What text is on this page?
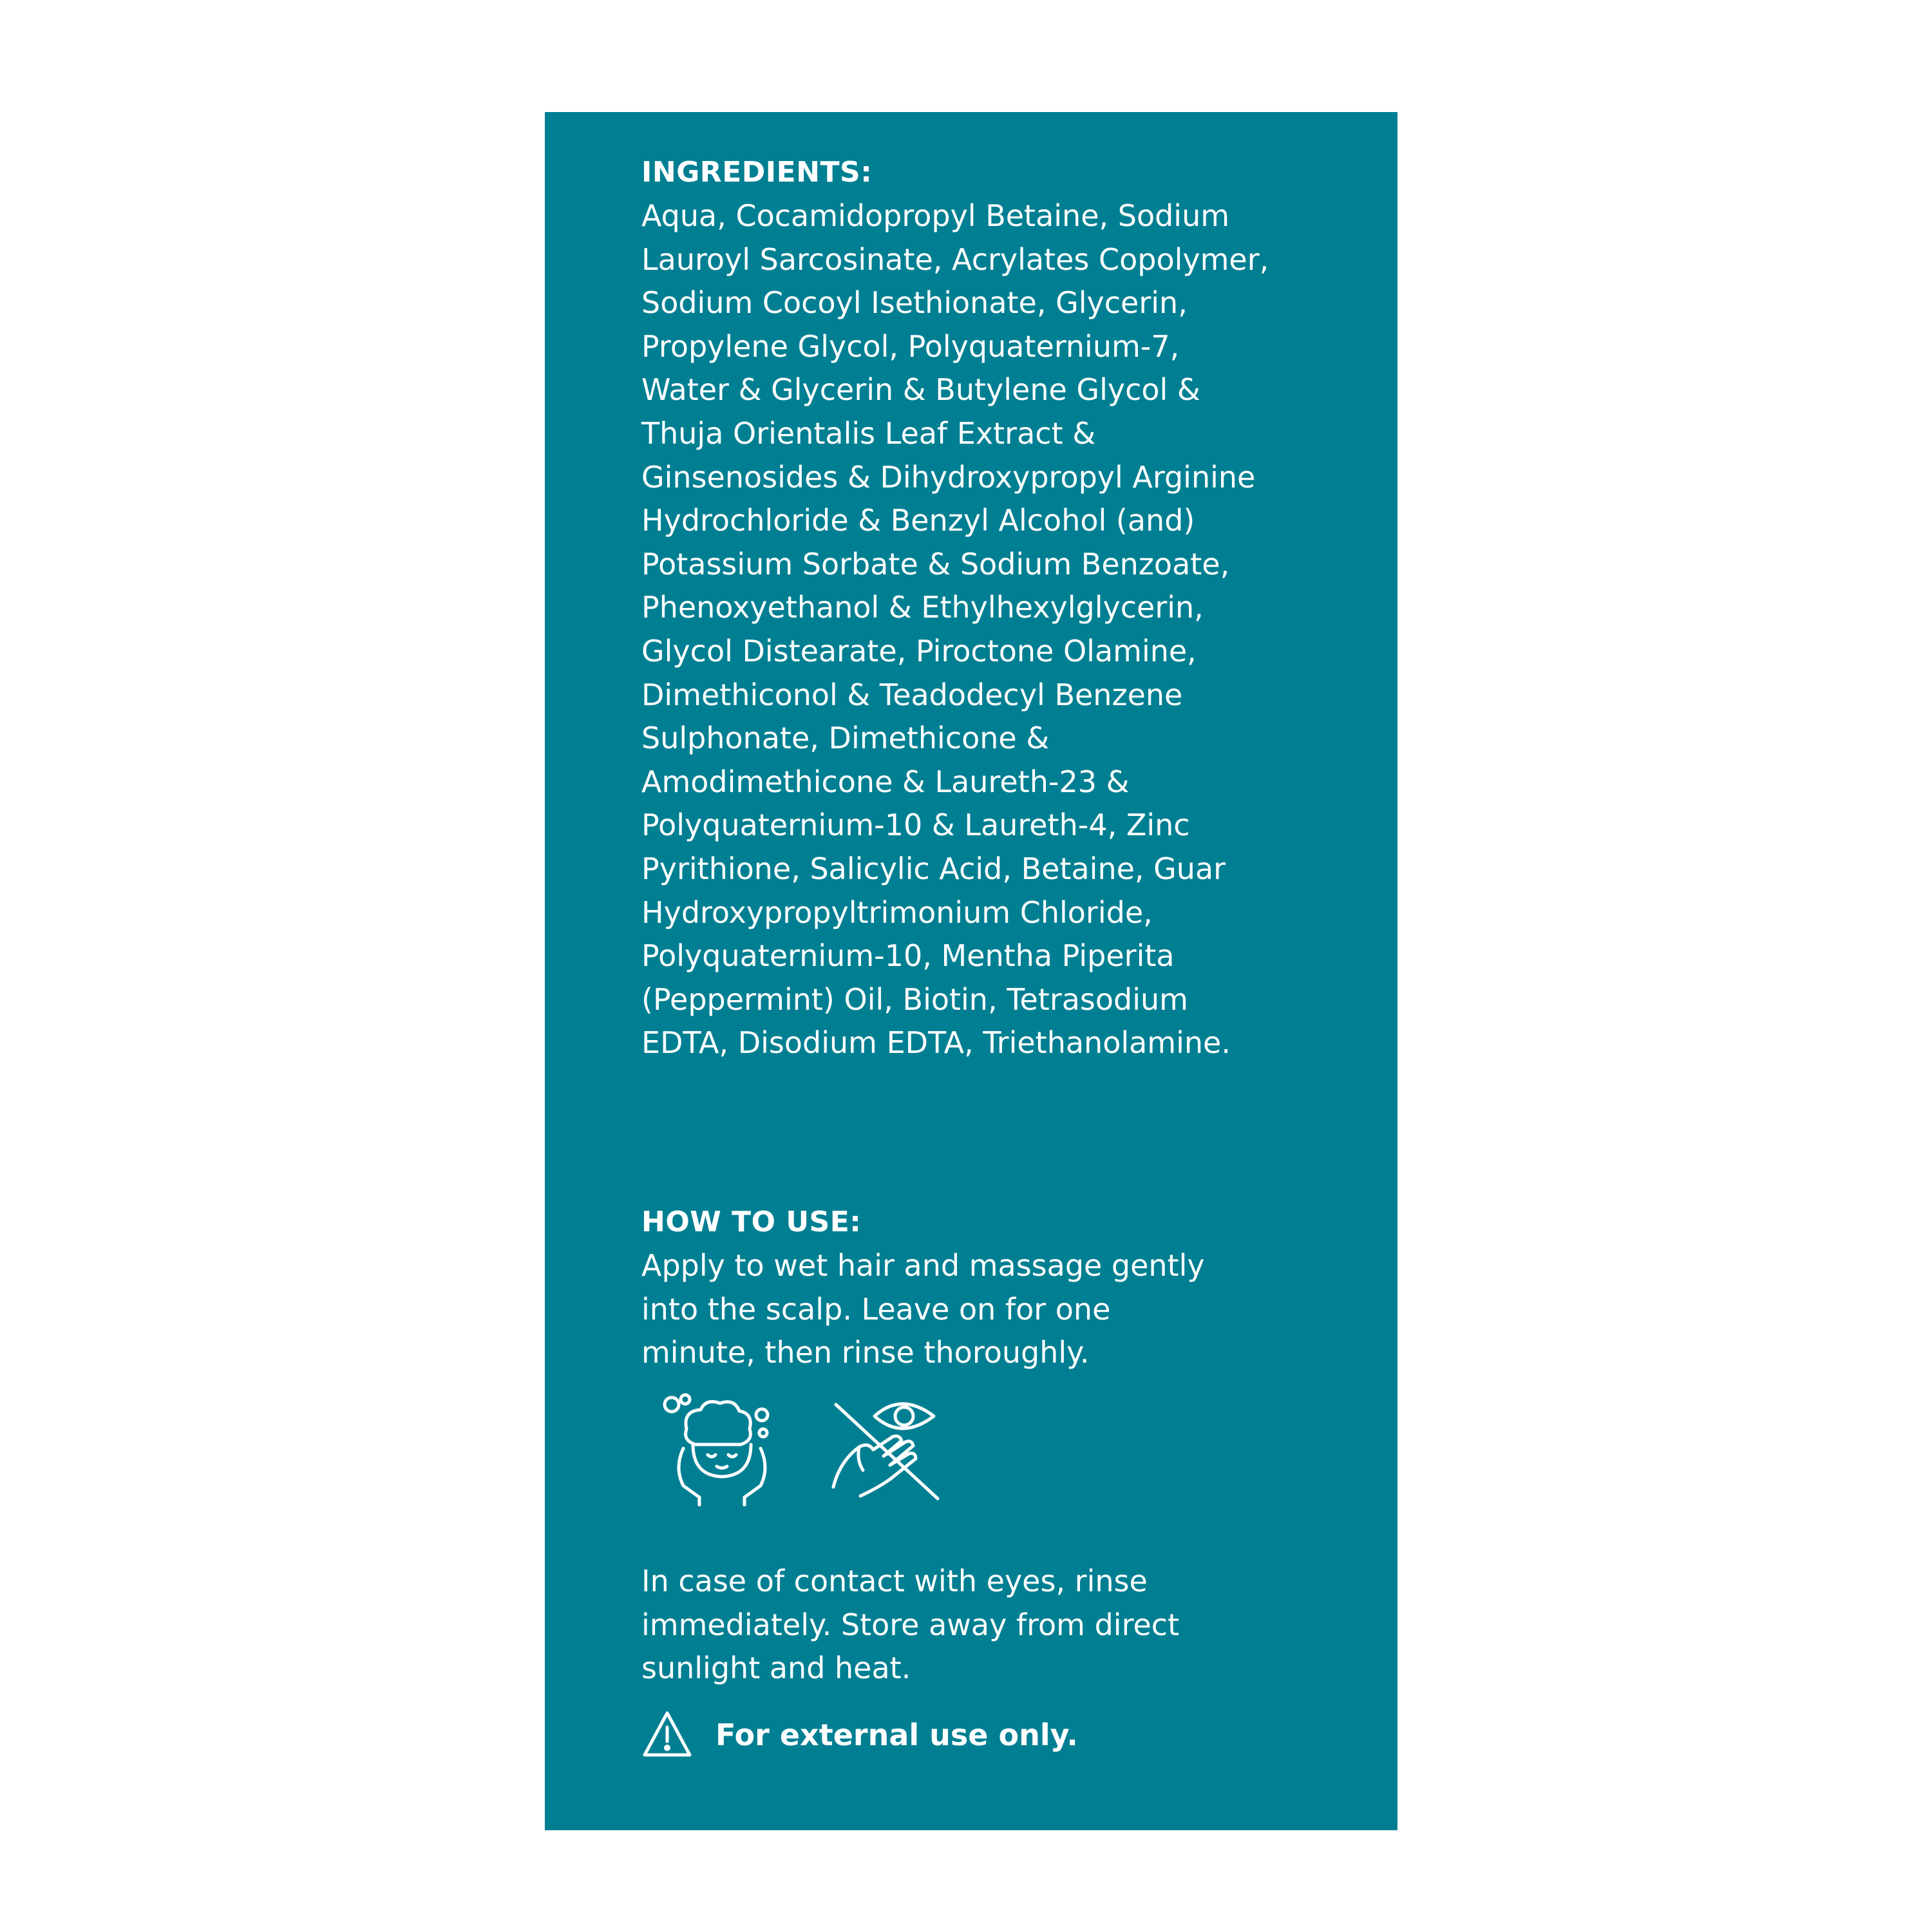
INGREDIENTS:

Aqua, Cocamidopropyl Betaine, Sodium
Lauroyl Sarcosinate, Acrylates Copolymer,
Sodium Cocoyl Isethionate, Glycerin,
Propylene Glycol, Polyquaternium-7,
Water & Glycerin & Butylene Glycol &
Thuja Orientalis Leaf Extract &
Ginsenosides & Dihydroxypropyl Arginine
Hydrochloride & Benzyl Alcohol (and)
Potassium Sorbate & Sodium Benzoate,
Phenoxyethanol & Ethylhexylglycerin,
Glycol Distearate, Piroctone Olamine,
Dimethiconol & Teadodecyl Benzene
Sulphonate, Dimethicone &
Amodimethicone & Laureth-23 &
Polyquaternium-10 & Laureth-4, Zinc
Pyrithione, Salicylic Acid, Betaine, Guar
Hydroxypropyltrimonium Chloride,
Polyquaternium-10, Mentha Piperita
(Peppermint) Oil, Biotin, Tetrasodium
EDTA, Disodium EDTA, Triethanolamine.

HOW TO USE:

Apply to wet hair and massage gently
into the scalp. Leave on for one
minute, then rinse thoroughly.

In case of contact with eyes, rinse
immediately. Store away from direct
sunlight and heat.

For external use only.
